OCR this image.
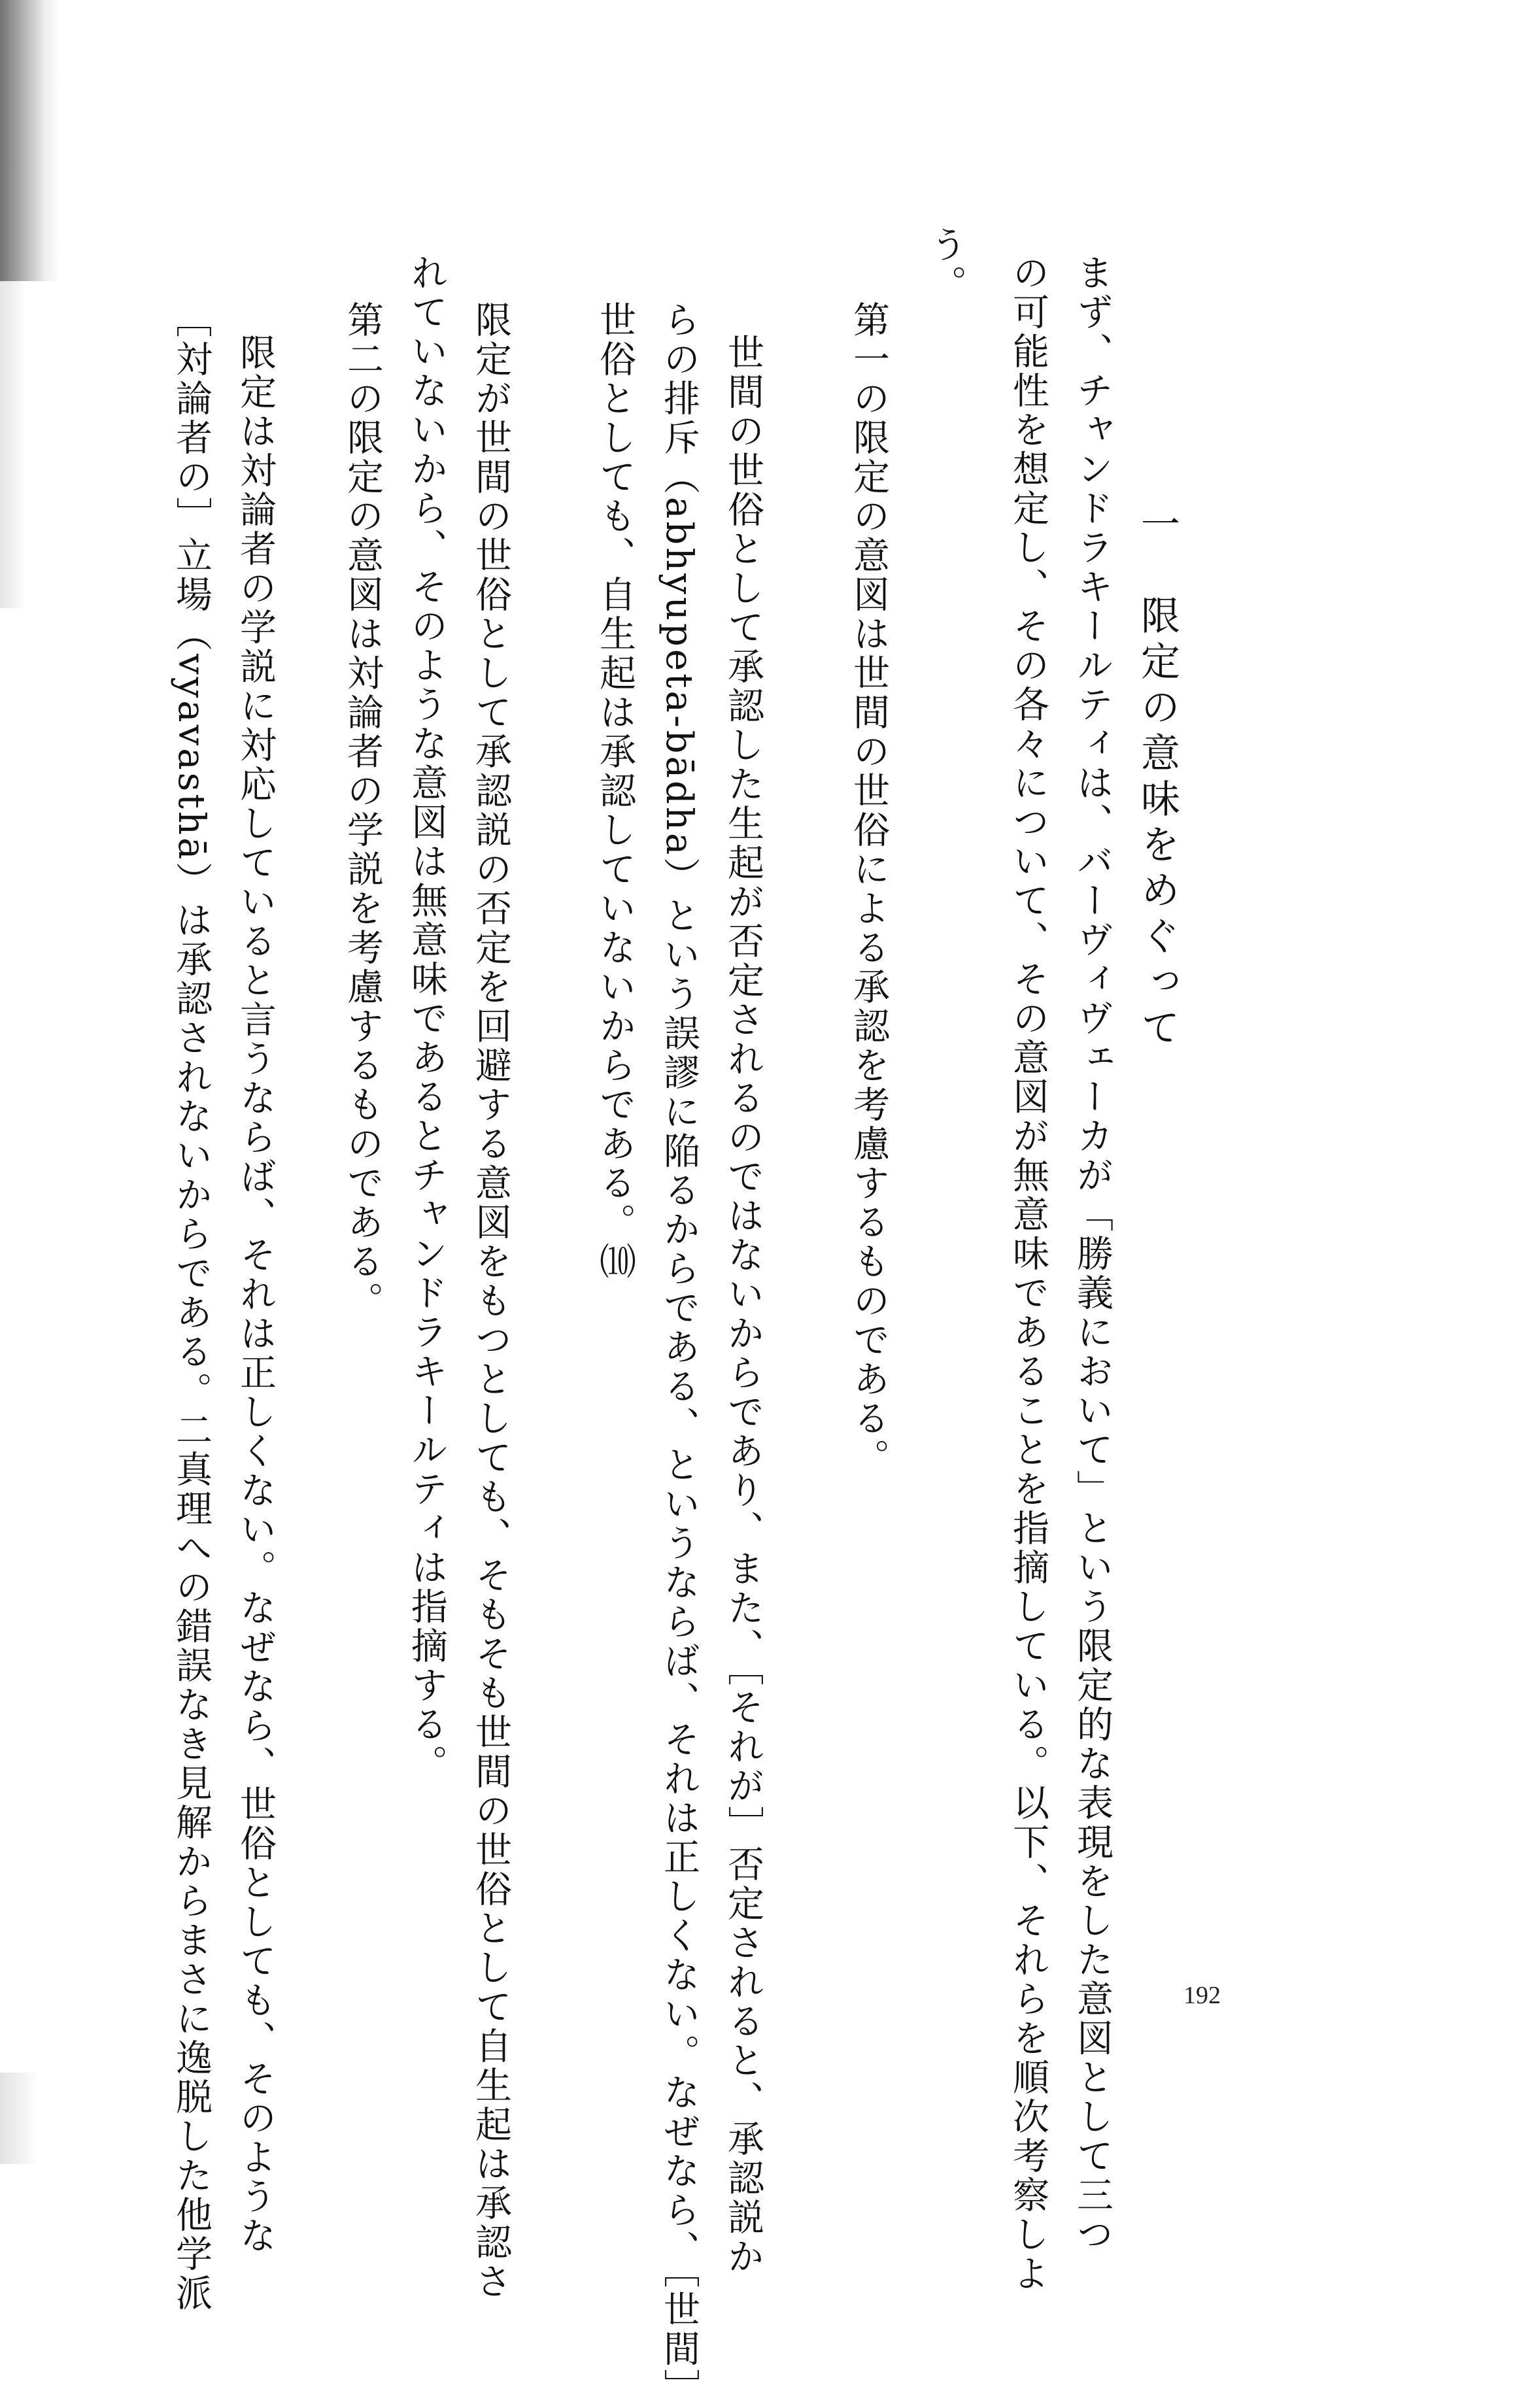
一　限定の意味をめぐって
まず、チャンドラキールティは、バーヴィヴェーカが「勝義において」という限定的な表現をした意図として三つ
の可能性を想定し、その各々について、その意図が無意味であることを指摘している。以下、それらを順次考察しよ
う。
第一の限定の意図は世間の世俗による承認を考慮するものである。
世間の世俗として承認した生起が否定されるのではないからであり、また、［それが］否定されると、承認説か
らの排斥（abhyupeta-bādha）という誤謬に陥るからである、というならば、それは正しくない。なぜなら、［世間］
世俗としても、自生起は承認していないからである。⑽
限定が世間の世俗として承認説の否定を回避する意図をもつとしても、そもそも世間の世俗として自生起は承認さ
れていないから、そのような意図は無意味であるとチャンドラキールティは指摘する。
第二の限定の意図は対論者の学説を考慮するものである。
限定は対論者の学説に対応していると言うならば、それは正しくない。なぜなら、世俗としても、そのような
［対論者の］立場（vyavasthā）は承認されないからである。二真理への錯誤なき見解からまさに逸脱した他学派	192
